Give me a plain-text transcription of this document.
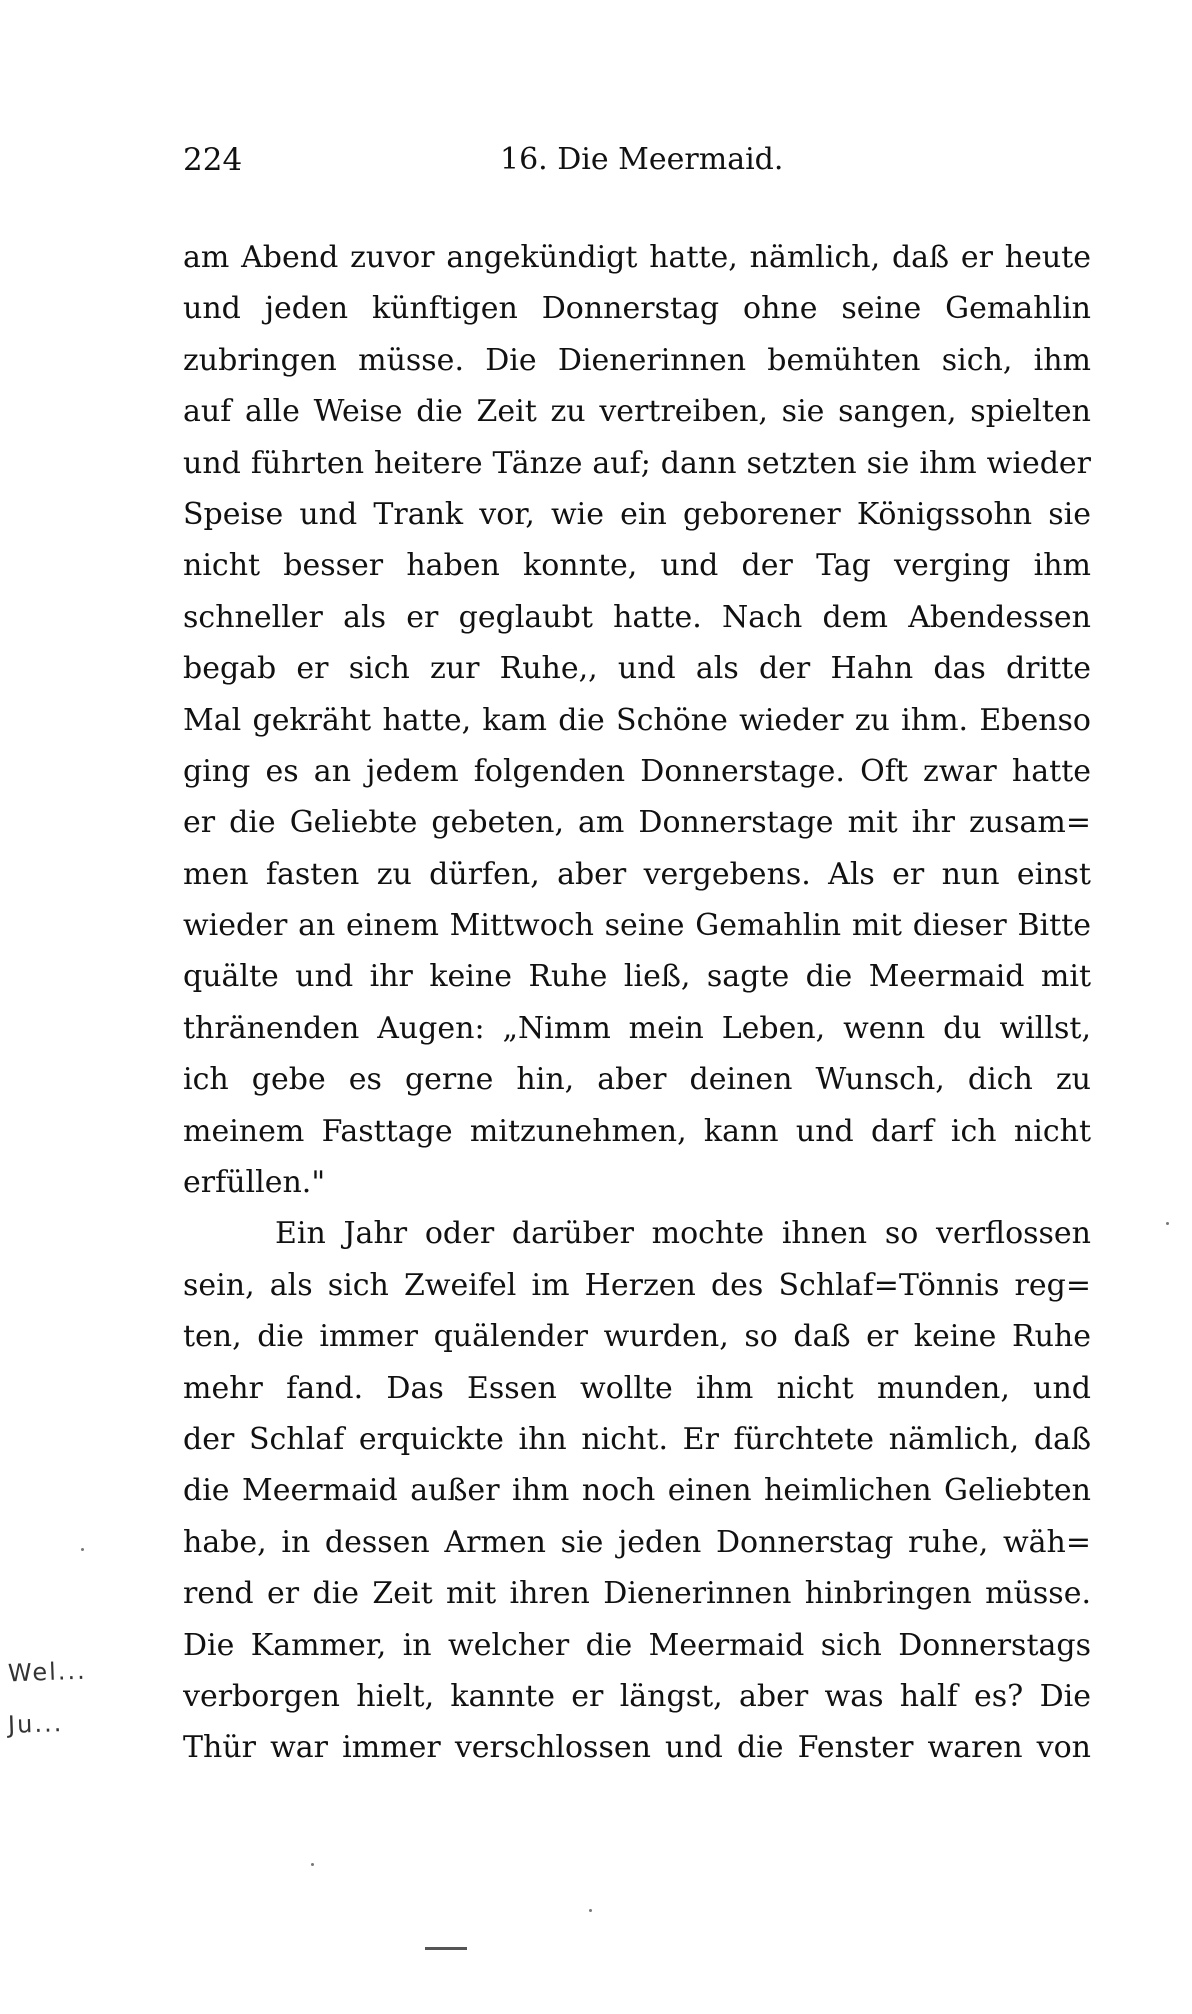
224	16. Die Meermaid.
am Abend zuvor angekündigt hatte, nämlich, daß er heute
und jeden künftigen Donnerstag ohne seine Gemahlin
zubringen müsse. Die Dienerinnen bemühten sich, ihm
auf alle Weise die Zeit zu vertreiben, sie sangen, spielten
und führten heitere Tänze auf; dann setzten sie ihm wieder
Speise und Trank vor, wie ein geborener Königssohn sie
nicht besser haben konnte, und der Tag verging ihm
schneller als er geglaubt hatte. Nach dem Abendessen
begab er sich zur Ruhe,, und als der Hahn das dritte
Mal gekräht hatte, kam die Schöne wieder zu ihm. Ebenso
ging es an jedem folgenden Donnerstage. Oft zwar hatte
er die Geliebte gebeten, am Donnerstage mit ihr zusam=
men fasten zu dürfen, aber vergebens. Als er nun einst
wieder an einem Mittwoch seine Gemahlin mit dieser Bitte
quälte und ihr keine Ruhe ließ, sagte die Meermaid mit
thränenden Augen: „Nimm mein Leben, wenn du willst,
ich gebe es gerne hin, aber deinen Wunsch, dich zu
meinem Fasttage mitzunehmen, kann und darf ich nicht
erfüllen."
Ein Jahr oder darüber mochte ihnen so verflossen
sein, als sich Zweifel im Herzen des Schlaf=Tönnis reg=
ten, die immer quälender wurden, so daß er keine Ruhe
mehr fand. Das Essen wollte ihm nicht munden, und
der Schlaf erquickte ihn nicht. Er fürchtete nämlich, daß
die Meermaid außer ihm noch einen heimlichen Geliebten
habe, in dessen Armen sie jeden Donnerstag ruhe, wäh=
rend er die Zeit mit ihren Dienerinnen hinbringen müsse.
Die Kammer, in welcher die Meermaid sich Donnerstags
verborgen hielt, kannte er längst, aber was half es? Die
Thür war immer verschlossen und die Fenster waren von
Wel...
Ju...
